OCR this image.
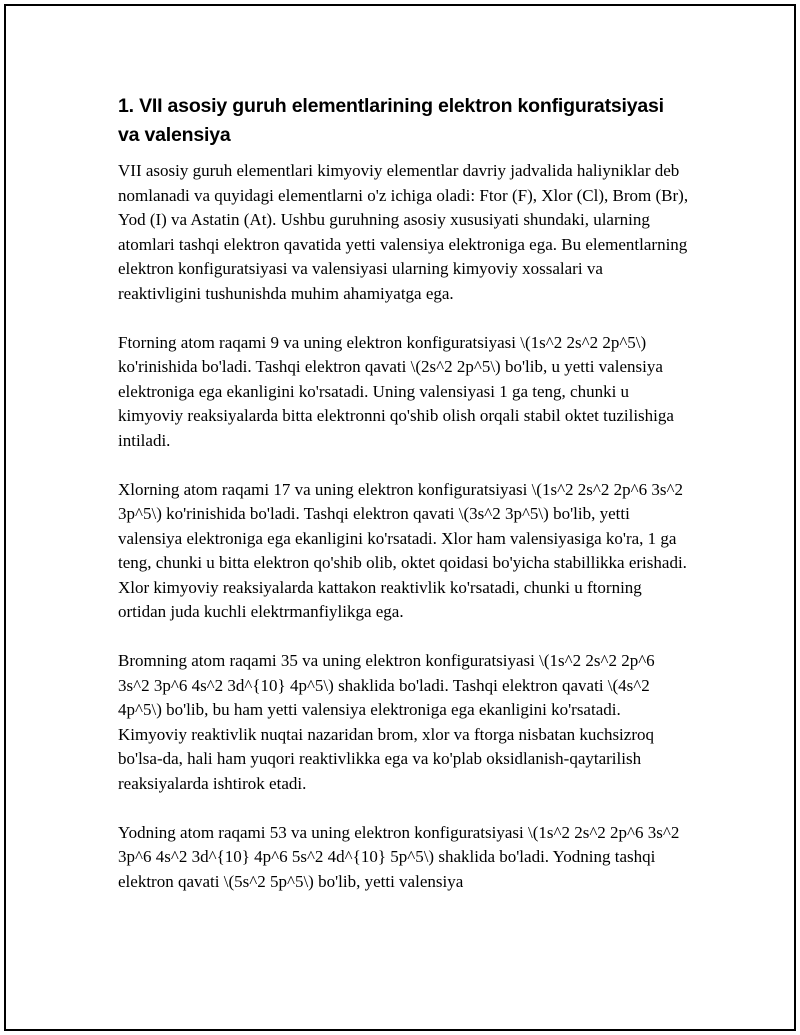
1. VII asosiy guruh elementlarining elektron konfiguratsiyasi va valensiya

VII asosiy guruh elementlari kimyoviy elementlar davriy jadvalida haliyniklar deb nomlanadi va quyidagi elementlarni o'z ichiga oladi: Ftor (F), Xlor (Cl), Brom (Br), Yod (I) va Astatin (At). Ushbu guruhning asosiy xususiyati shundaki, ularning atomlari tashqi elektron qavatida yetti valensiya elektroniga ega. Bu elementlarning elektron konfiguratsiyasi va valensiyasi ularning kimyoviy xossalari va reaktivligini tushunishda muhim ahamiyatga ega.

Ftorning atom raqami 9 va uning elektron konfiguratsiyasi \(1s^2 2s^2 2p^5\) ko'rinishida bo'ladi. Tashqi elektron qavati \(2s^2 2p^5\) bo'lib, u yetti valensiya elektroniga ega ekanligini ko'rsatadi. Uning valensiyasi 1 ga teng, chunki u kimyoviy reaksiyalarda bitta elektronni qo'shib olish orqali stabil oktet tuzilishiga intiladi.

Xlorning atom raqami 17 va uning elektron konfiguratsiyasi \(1s^2 2s^2 2p^6 3s^2 3p^5\) ko'rinishida bo'ladi. Tashqi elektron qavati \(3s^2 3p^5\) bo'lib, yetti valensiya elektroniga ega ekanligini ko'rsatadi. Xlor ham valensiyasiga ko'ra, 1 ga teng, chunki u bitta elektron qo'shib olib, oktet qoidasi bo'yicha stabillikka erishadi. Xlor kimyoviy reaksiyalarda kattakon reaktivlik ko'rsatadi, chunki u ftorning ortidan juda kuchli elektrmanfiylikga ega.

Bromning atom raqami 35 va uning elektron konfiguratsiyasi \(1s^2 2s^2 2p^6 3s^2 3p^6 4s^2 3d^{10} 4p^5\) shaklida bo'ladi. Tashqi elektron qavati \(4s^2 4p^5\) bo'lib, bu ham yetti valensiya elektroniga ega ekanligini ko'rsatadi. Kimyoviy reaktivlik nuqtai nazaridan brom, xlor va ftorga nisbatan kuchsizroq bo'lsa-da, hali ham yuqori reaktivlikka ega va ko'plab oksidlanish-qaytarilish reaksiyalarda ishtirok etadi.

Yodning atom raqami 53 va uning elektron konfiguratsiyasi \(1s^2 2s^2 2p^6 3s^2 3p^6 4s^2 3d^{10} 4p^6 5s^2 4d^{10} 5p^5\) shaklida bo'ladi. Yodning tashqi elektron qavati \(5s^2 5p^5\) bo'lib, yetti valensiya
